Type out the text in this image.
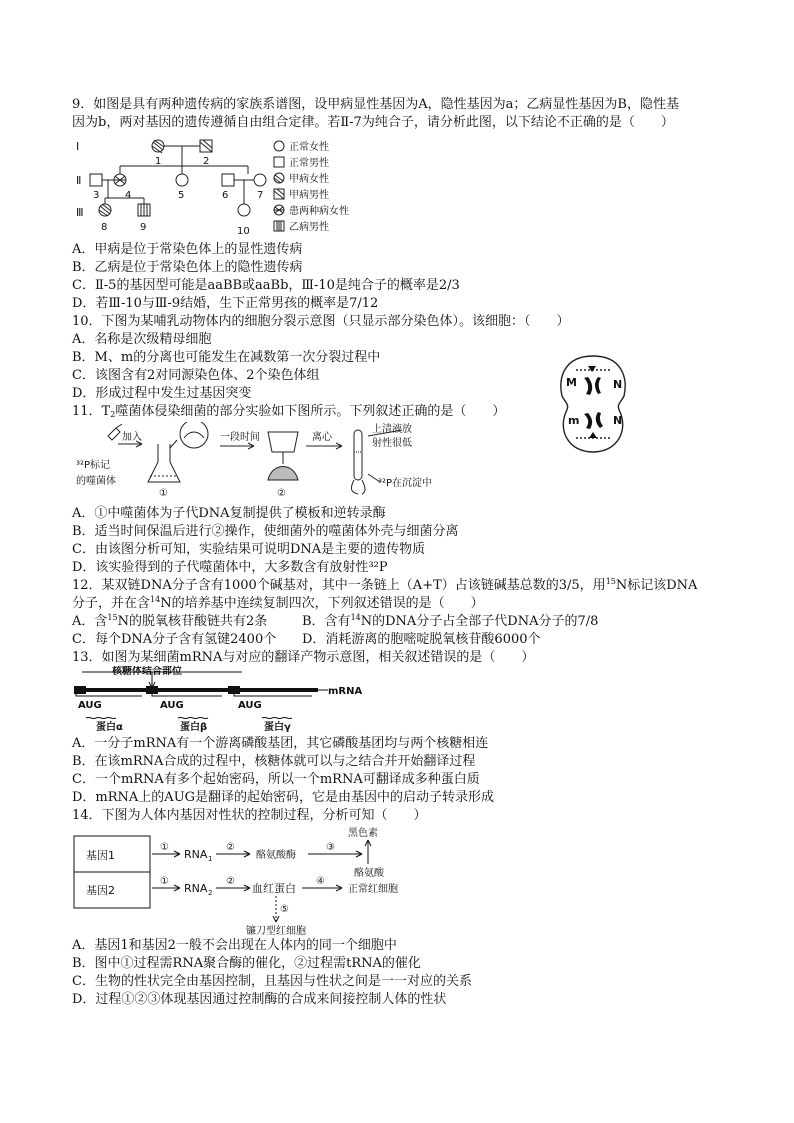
9．如图是具有两种遗传病的家族系谱图，设甲病显性基因为A，隐性基因为a；乙病显性基因为B，隐性基
因为b，两对基因的遗传遵循自由组合定律。若Ⅱ-7为纯合子，请分析此图，以下结论不正确的是（　　）
Ⅰ
Ⅱ
Ⅲ
1	2
3	4	5	6	7
8	9	10
正常女性
正常男性
甲病女性
甲病男性
患两种病女性
乙病男性
A．甲病是位于常染色体上的显性遗传病
B．乙病是位于常染色体上的隐性遗传病
C．Ⅱ-5的基因型可能是aaBB或aaBb，Ⅲ-10是纯合子的概率是2/3
D．若Ⅲ-10与Ⅲ-9结婚，生下正常男孩的概率是7/12
10．下图为某哺乳动物体内的细胞分裂示意图（只显示部分染色体）。该细胞：（　　）
A．名称是次级精母细胞
B．M、m的分离也可能发生在减数第一次分裂过程中
C．该图含有2对同源染色体、2个染色体组
D．形成过程中发生过基因突变
M	N
m	N
11．$T_2$噬菌体侵染细菌的部分实验如下图所示。下列叙述正确的是（　　）
³²P标记
的噬菌体
加入	一段时间	离心
上清液放
射性很低
³²P在沉淀中
①	②
A．①中噬菌体为子代DNA复制提供了模板和逆转录酶
B．适当时间保温后进行②操作，使细菌外的噬菌体外壳与细菌分离
C．由该图分析可知，实验结果可说明DNA是主要的遗传物质
D．该实验得到的子代噬菌体中，大多数含有放射性³²P
12．某双链DNA分子含有1000个碱基对，其中一条链上（A+T）占该链碱基总数的3/5，用$^{15}$N标记该DNA
分子，并在含$^{14}$N的培养基中连续复制四次，下列叙述错误的是（　　）
A．含$^{15}$N的脱氧核苷酸链共有2条	B．含有$^{14}$N的DNA分子占全部子代DNA分子的7/8
C．每个DNA分子含有氢键2400个 D．消耗游离的胞嘧啶脱氧核苷酸6000个
13．如图为某细菌mRNA与对应的翻译产物示意图，相关叙述错误的是（　　）
核糖体结合部位
mRNA
AUG	AUG	AUG
蛋白α	蛋白β	蛋白γ
A．一分子mRNA有一个游离磷酸基团，其它磷酸基团均与两个核糖相连
B．在该mRNA合成的过程中，核糖体就可以与之结合并开始翻译过程
C．一个mRNA有多个起始密码，所以一个mRNA可翻译成多种蛋白质
D．mRNA上的AUG是翻译的起始密码，它是由基因中的启动子转录形成
14．下图为人体内基因对性状的控制过程，分析可知（　　）
基因1
基因2
①
①
RNA 1
RNA 2
②
②
酪氨酸酶
③
黑色素
酪氨酸
血红蛋白
④
正常红细胞
⑤
镰刀型红细胞
A．基因1和基因2一般不会出现在人体内的同一个细胞中
B．图中①过程需RNA聚合酶的催化，②过程需tRNA的催化
C．生物的性状完全由基因控制，且基因与性状之间是一一对应的关系
D．过程①②③体现基因通过控制酶的合成来间接控制人体的性状
